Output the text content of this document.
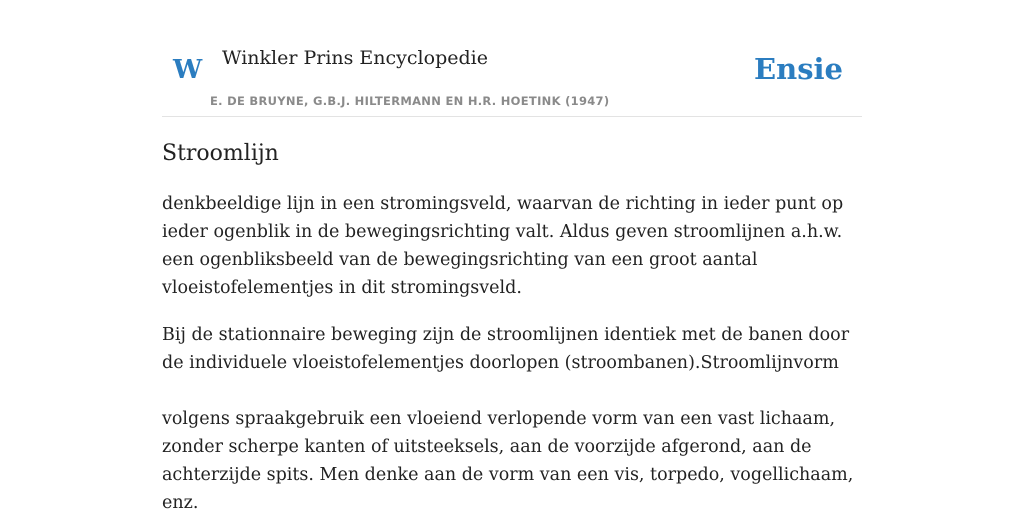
W Winkler Prins Encyclopedie
E. DE BRUYNE, G.B.J. HILTERMANN EN H.R. HOETINK (1947)
Ensie
Stroomlijn

denkbeeldige lijn in een stromingsveld, waarvan de richting in ieder punt op ieder ogenblik in de bewegingsrichting valt. Aldus geven stroomlijnen a.h.w. een ogenbliksbeeld van de bewegingsrichting van een groot aantal vloeistofelementjes in dit stromingsveld.

Bij de stationnaire beweging zijn de stroomlijnen identiek met de banen door de individuele vloeistofelementjes doorlopen (stroombanen).Stroomlijnvorm

volgens spraakgebruik een vloeiend verlopende vorm van een vast lichaam, zonder scherpe kanten of uitsteeksels, aan de voorzijde afgerond, aan de achterzijde spits. Men denke aan de vorm van een vis, torpedo, vogellichaam, enz.
